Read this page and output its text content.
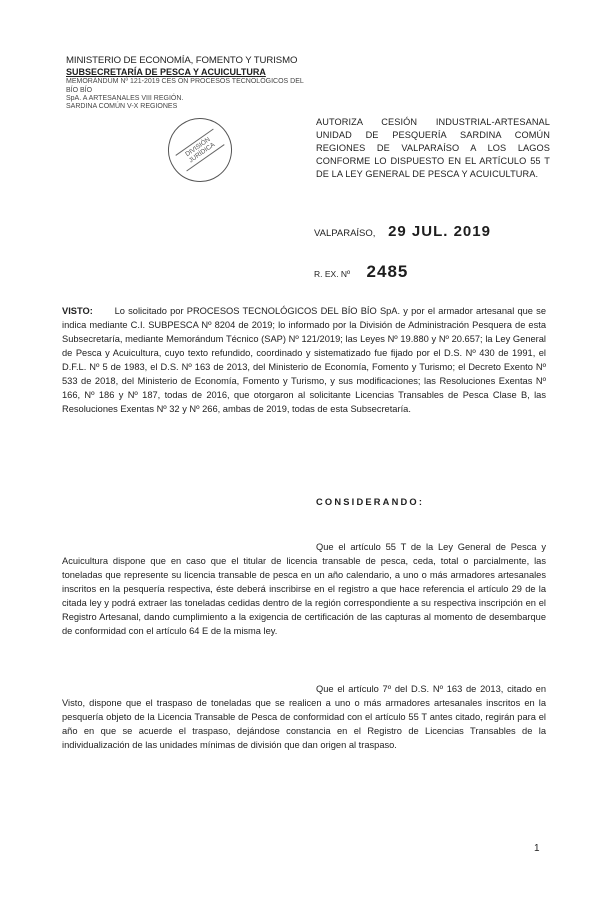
MINISTERIO DE ECONOMÍA, FOMENTO Y TURISMO
SUBSECRETARÍA DE PESCA Y ACUICULTURA
MEMORÁNDUM Nº 121-2019 CES ON PROCESOS TECNOLÓGICOS DEL BÍO BÍO
SpA. A ARTESANALES VIII REGIÓN.
SARDINA COMÚN V-X REGIONES
DIVISIÓN JURÍDICA
AUTORIZA CESIÓN INDUSTRIAL-ARTESANAL UNIDAD DE PESQUERÍA SARDINA COMÚN REGIONES DE VALPARAÍSO A LOS LAGOS CONFORME LO DISPUESTO EN EL ARTÍCULO 55 T DE LA LEY GENERAL DE PESCA Y ACUICULTURA.
VALPARAÍSO, 29 JUL. 2019
R. EX. Nº 2485
VISTO:   Lo solicitado por PROCESOS TECNOLÓGICOS DEL BÍO BÍO SpA. y por el armador artesanal que se indica mediante C.I. SUBPESCA Nº 8204 de 2019; lo informado por la División de Administración Pesquera de esta Subsecretaría, mediante Memorándum Técnico (SAP) Nº 121/2019; las Leyes Nº 19.880 y Nº 20.657; la Ley General de Pesca y Acuicultura, cuyo texto refundido, coordinado y sistematizado fue fijado por el D.S. Nº 430 de 1991, el D.F.L. Nº 5 de 1983, el D.S. Nº 163 de 2013, del Ministerio de Economía, Fomento y Turismo; el Decreto Exento Nº 533 de 2018, del Ministerio de Economía, Fomento y Turismo, y sus modificaciones; las Resoluciones Exentas Nº 166, Nº 186 y Nº 187, todas de 2016, que otorgaron al solicitante Licencias Transables de Pesca Clase B, las Resoluciones Exentas Nº 32 y Nº 266, ambas de 2019, todas de esta Subsecretaría.
CONSIDERANDO:
Que el artículo 55 T de la Ley General de Pesca y Acuicultura dispone que en caso que el titular de licencia transable de pesca, ceda, total o parcialmente, las toneladas que represente su licencia transable de pesca en un año calendario, a uno o más armadores artesanales inscritos en la pesquería respectiva, éste deberá inscribirse en el registro a que hace referencia el artículo 29 de la citada ley y podrá extraer las toneladas cedidas dentro de la región correspondiente a su respectiva inscripción en el Registro Artesanal, dando cumplimiento a la exigencia de certificación de las capturas al momento de desembarque de conformidad con el artículo 64 E de la misma ley.
Que el artículo 7º del D.S. Nº 163 de 2013, citado en Visto, dispone que el traspaso de toneladas que se realicen a uno o más armadores artesanales inscritos en la pesquería objeto de la Licencia Transable de Pesca de conformidad con el artículo 55 T antes citado, regirán para el año en que se acuerde el traspaso, dejándose constancia en el Registro de Licencias Transables de la individualización de las unidades mínimas de división que dan origen al traspaso.
1
